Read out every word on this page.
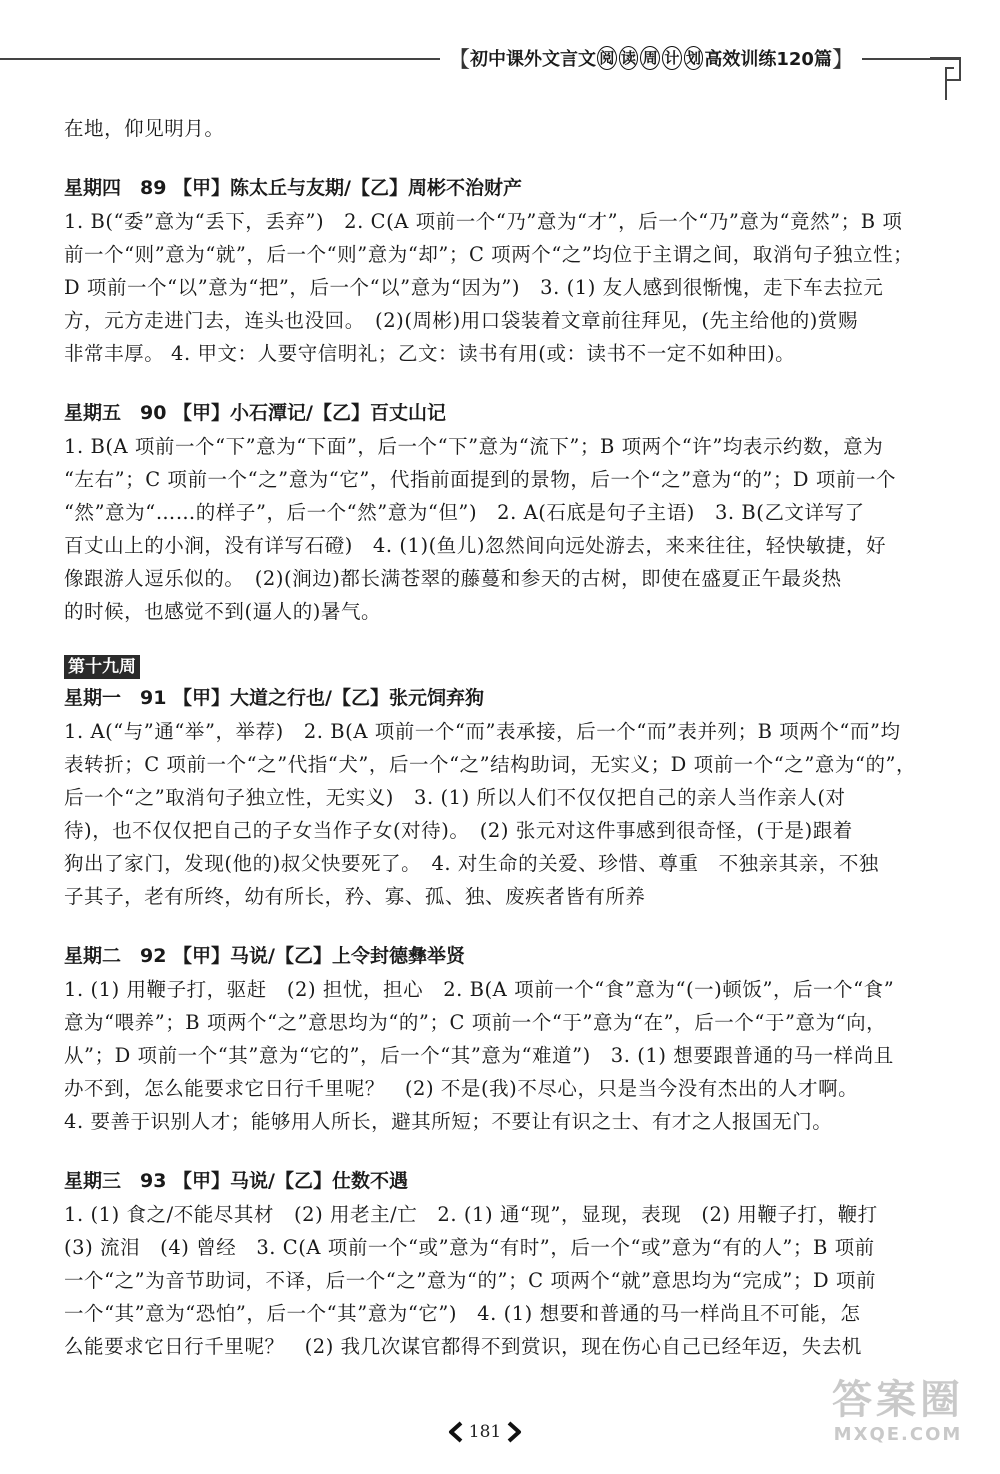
【 初中课外文言文 阅 读 周 计 划 高效训练120篇 】
在地，仰见明月。
星期四　89 【甲】陈太丘与友期/【乙】周彬不治财产
1. B(“委”意为“丢下，丢弃”)　2. C(A 项前一个“乃”意为“才”，后一个“乃”意为“竟然”；B 项
前一个“则”意为“就”，后一个“则”意为“却”；C 项两个“之”均位于主谓之间，取消句子独立性；
D 项前一个“以”意为“把”，后一个“以”意为“因为”)　3. (1) 友人感到很惭愧，走下车去拉元
方，元方走进门去，连头也没回。　(2)(周彬)用口袋装着文章前往拜见，(先主给他的)赏赐
非常丰厚。 4. 甲文：人要守信明礼；乙文：读书有用(或：读书不一定不如种田)。
星期五　90 【甲】小石潭记/【乙】百丈山记
1. B(A 项前一个“下”意为“下面”，后一个“下”意为“流下”；B 项两个“许”均表示约数，意为
“左右”；C 项前一个“之”意为“它”，代指前面提到的景物，后一个“之”意为“的”；D 项前一个
“然”意为“……的样子”，后一个“然”意为“但”)　2. A(石底是句子主语)　3. B(乙文详写了
百丈山上的小涧，没有详写石磴)　4. (1)(鱼儿)忽然间向远处游去，来来往往，轻快敏捷，好
像跟游人逗乐似的。　(2)(涧边)都长满苍翠的藤蔓和参天的古树，即使在盛夏正午最炎热
的时候，也感觉不到(逼人的)暑气。
第十九周
星期一　91 【甲】大道之行也/【乙】张元饲弃狗
1. A(“与”通“举”，举荐)　2. B(A 项前一个“而”表承接，后一个“而”表并列；B 项两个“而”均
表转折；C 项前一个“之”代指“犬”，后一个“之”结构助词，无实义；D 项前一个“之”意为“的”，
后一个“之”取消句子独立性，无实义)　3. (1) 所以人们不仅仅把自己的亲人当作亲人(对
待)，也不仅仅把自己的子女当作子女(对待)。　(2) 张元对这件事感到很奇怪，(于是)跟着
狗出了家门，发现(他的)叔父快要死了。　4. 对生命的关爱、珍惜、尊重　不独亲其亲，不独
子其子，老有所终，幼有所长，矜、寡、孤、独、废疾者皆有所养
星期二　92 【甲】马说/【乙】上令封德彝举贤
1. (1) 用鞭子打，驱赶　(2) 担忧，担心　2. B(A 项前一个“食”意为“(一)顿饭”，后一个“食”
意为“喂养”；B 项两个“之”意思均为“的”；C 项前一个“于”意为“在”，后一个“于”意为“向，
从”；D 项前一个“其”意为“它的”，后一个“其”意为“难道”)　3. (1) 想要跟普通的马一样尚且
办不到，怎么能要求它日行千里呢？　(2) 不是(我)不尽心，只是当今没有杰出的人才啊。
4. 要善于识别人才；能够用人所长，避其所短；不要让有识之士、有才之人报国无门。
星期三　93 【甲】马说/【乙】仕数不遇
1. (1) 食之/不能尽其材　(2) 用老主/亡　2. (1) 通“现”，显现，表现　(2) 用鞭子打，鞭打
(3) 流泪　(4) 曾经　3. C(A 项前一个“或”意为“有时”，后一个“或”意为“有的人”；B 项前
一个“之”为音节助词，不译，后一个“之”意为“的”；C 项两个“就”意思均为“完成”；D 项前
一个“其”意为“恐怕”，后一个“其”意为“它”)　4. (1) 想要和普通的马一样尚且不可能，怎
么能要求它日行千里呢？　(2) 我几次谋官都得不到赏识，现在伤心自己已经年迈，失去机
181
答案圈
MXQE.COM
